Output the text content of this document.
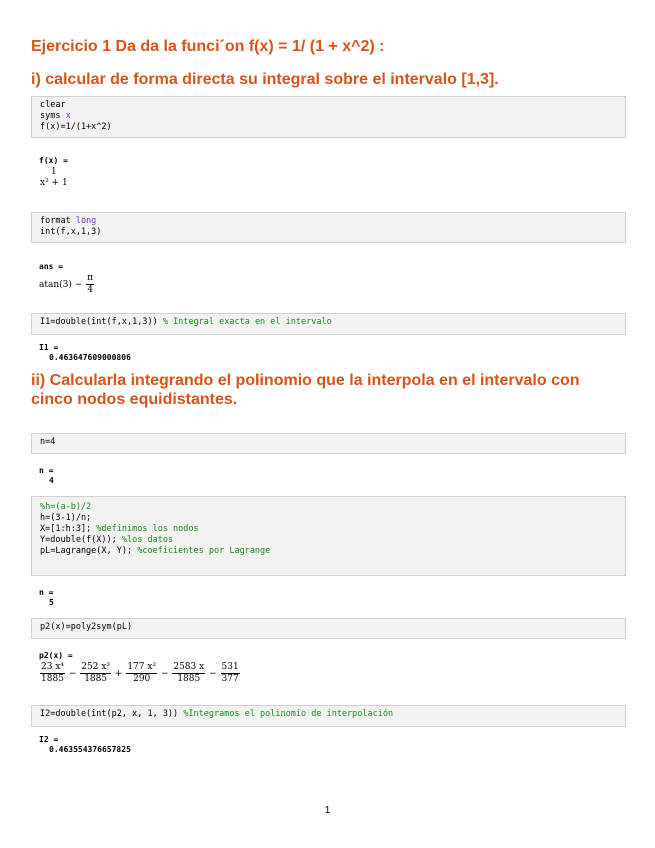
Ejercicio 1 Da da la funci´on f(x) = 1/ (1 + x^2) :
i) calcular de forma directa su integral sobre el intervalo [1,3].
clear
syms x
f(x)=1/(1+x^2)
f(x) =
1
x² + 1
format long
int(f,x,1,3)
ans =
$atan(3) - \frac{\pi}{4}$
I1=double(int(f,x,1,3)) % Integral exacta en el intervalo
I1 =
0.463647609000806
ii) Calcularla integrando el polinomio que la interpola en el intervalo con cinco nodos equidistantes.
n=4
n =
4
%h=(a-b)/2
h=(3-1)/n;
X=[1:h:3]; %definimos los nodos
Y=double(f(X)); %los datos
pL=Lagrange(X, Y); %coeficientes por Lagrange
n =
5
p2(x)=poly2sym(pL)
p2(x) =
$\frac{\text{23 x⁴}}{1885} - \frac{\text{252 x³}}{1885} + \frac{\text{177 x²}}{290} - \frac{2583 x}{1885} - \frac{531}{377}$
I2=double(int(p2, x, 1, 3)) %Integramos el polinomio de interpolación
I2 =
0.463554376657825
1
